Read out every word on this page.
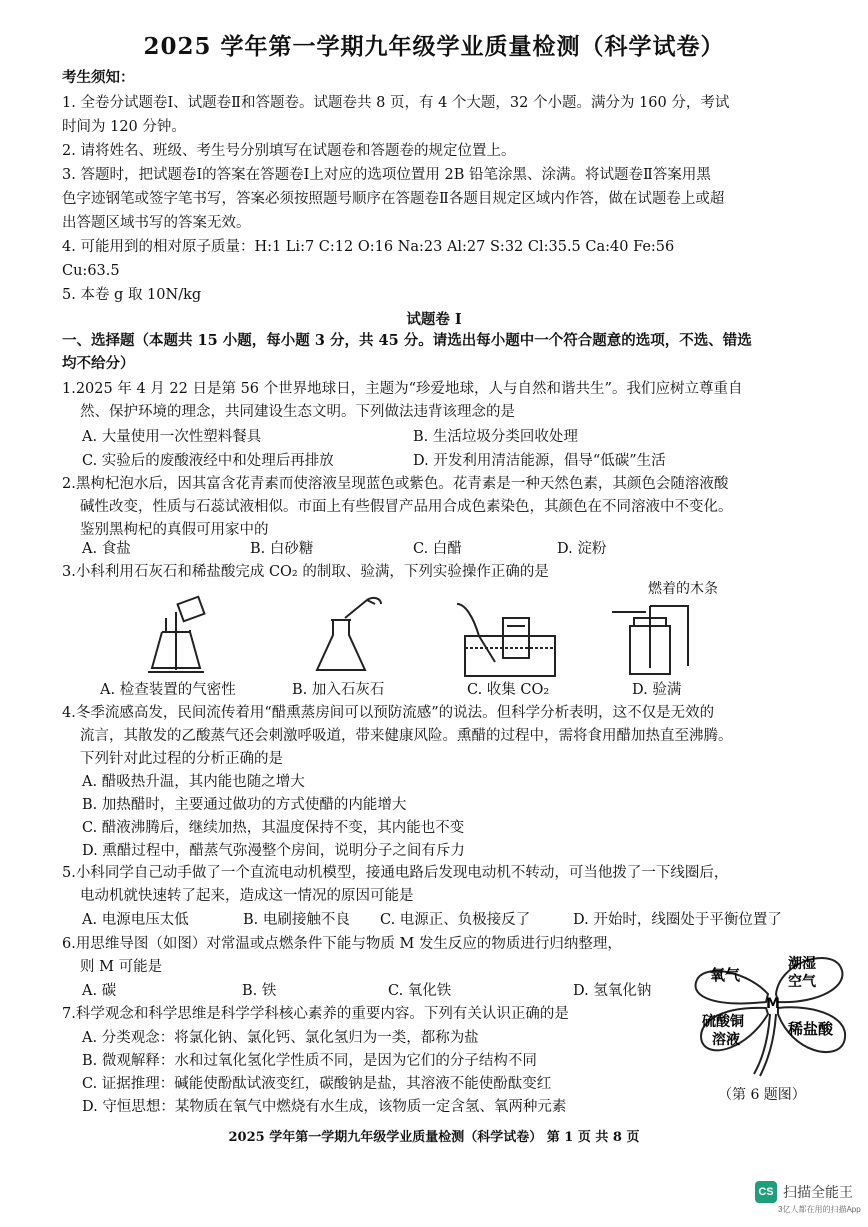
2025 学年第一学期九年级学业质量检测（科学试卷）
考生须知：
1. 全卷分试题卷Ⅰ、试题卷Ⅱ和答题卷。试题卷共 8 页，有 4 个大题，32 个小题。满分为 160 分，考试
时间为 120 分钟。
2. 请将姓名、班级、考生号分别填写在试题卷和答题卷的规定位置上。
3. 答题时，把试题卷Ⅰ的答案在答题卷Ⅰ上对应的选项位置用 2B 铅笔涂黑、涂满。将试题卷Ⅱ答案用黑
色字迹钢笔或签字笔书写，答案必须按照题号顺序在答题卷Ⅱ各题目规定区域内作答，做在试题卷上或超
出答题区域书写的答案无效。
4. 可能用到的相对原子质量：H:1 Li:7 C:12 O:16 Na:23 Al:27 S:32 Cl:35.5 Ca:40 Fe:56
Cu:63.5
5. 本卷 g 取 10N/kg
试题卷 Ⅰ
一、选择题（本题共 15 小题，每小题 3 分，共 45 分。请选出每小题中一个符合题意的选项，不选、错选
均不给分）
1.2025 年 4 月 22 日是第 56 个世界地球日，主题为“珍爱地球，人与自然和谐共生”。我们应树立尊重自
然、保护环境的理念，共同建设生态文明。下列做法违背该理念的是
A. 大量使用一次性塑料餐具	B. 生活垃圾分类回收处理
C. 实验后的废酸液经中和处理后再排放	D. 开发利用清洁能源，倡导“低碳”生活
2.黑枸杞泡水后，因其富含花青素而使溶液呈现蓝色或紫色。花青素是一种天然色素，其颜色会随溶液酸
碱性改变，性质与石蕊试液相似。市面上有些假冒产品用合成色素染色，其颜色在不同溶液中不变化。
鉴别黑枸杞的真假可用家中的
A. 食盐	B. 白砂糖	C. 白醋	D. 淀粉
3.小科利用石灰石和稀盐酸完成 CO₂ 的制取、验满，下列实验操作正确的是
燃着的木条
A. 检查装置的气密性	B. 加入石灰石	C. 收集 CO₂	D. 验满
4.冬季流感高发，民间流传着用“醋熏蒸房间可以预防流感”的说法。但科学分析表明，这不仅是无效的
流言，其散发的乙酸蒸气还会刺激呼吸道，带来健康风险。熏醋的过程中，需将食用醋加热直至沸腾。
下列针对此过程的分析正确的是
A. 醋吸热升温，其内能也随之增大
B. 加热醋时，主要通过做功的方式使醋的内能增大
C. 醋液沸腾后，继续加热，其温度保持不变，其内能也不变
D. 熏醋过程中，醋蒸气弥漫整个房间，说明分子之间有斥力
5.小科同学自己动手做了一个直流电动机模型，接通电路后发现电动机不转动，可当他拨了一下线圈后，
电动机就快速转了起来，造成这一情况的原因可能是
A. 电源电压太低	B. 电刷接触不良 C. 电源正、负极接反了	D. 开始时，线圈处于平衡位置了
6.用思维导图（如图）对常温或点燃条件下能与物质 M 发生反应的物质进行归纳整理，
则 M 可能是
A. 碳	B. 铁	C. 氧化铁	D. 氢氧化钠
氧气
潮湿
空气
M
硫酸铜
溶液
稀盐酸
（第 6 题图）
7.科学观念和科学思维是科学学科核心素养的重要内容。下列有关认识正确的是
A. 分类观念：将氯化钠、氯化钙、氯化氢归为一类，都称为盐
B. 微观解释：水和过氧化氢化学性质不同，是因为它们的分子结构不同
C. 证据推理：碱能使酚酞试液变红，碳酸钠是盐，其溶液不能使酚酞变红
D. 守恒思想：某物质在氧气中燃烧有水生成，该物质一定含氢、氧两种元素
2025 学年第一学期九年级学业质量检测（科学试卷） 第 1 页 共 8 页
CS 扫描全能王
3亿人都在用的扫描App
